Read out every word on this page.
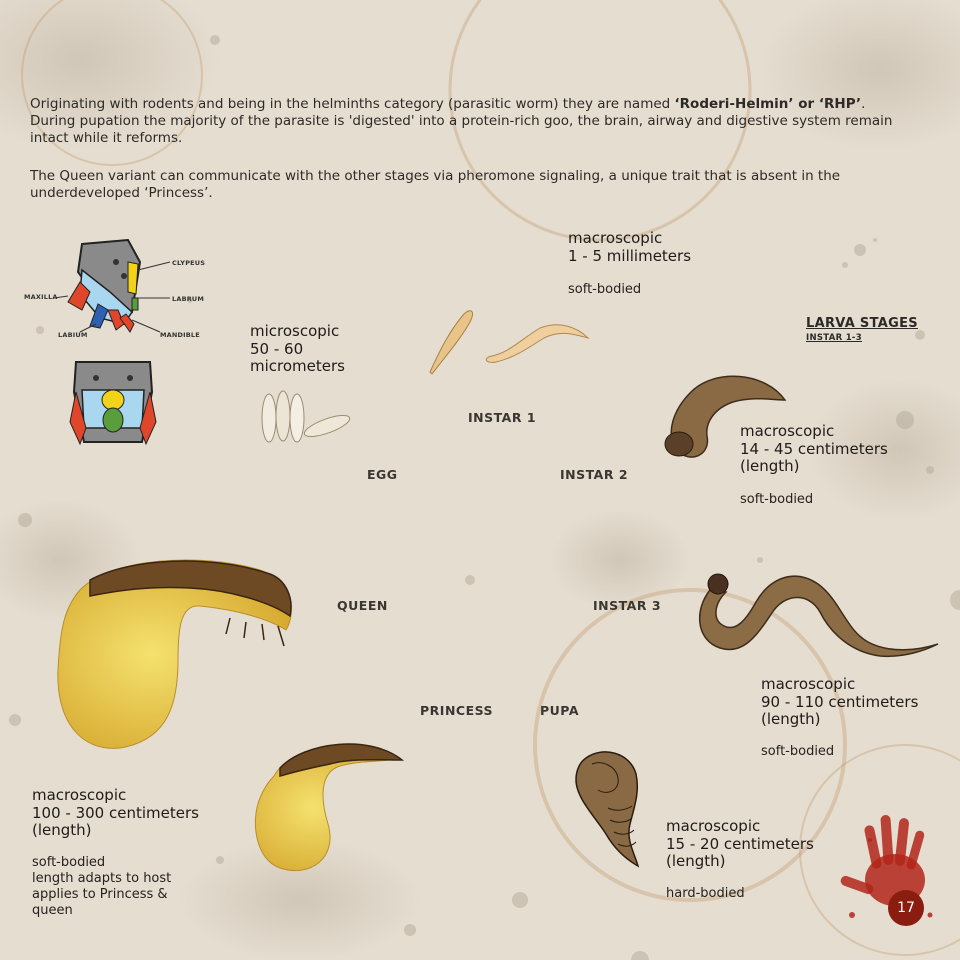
Originating with rodents and being in the helminths category (parasitic worm) they are named ‘Roderi-Helmin’ or ‘RHP’.
During pupation the majority of the parasite is 'digested' into a protein-rich goo, the brain, airway and digestive system remain intact while it reforms.

The Queen variant can communicate with the other stages via pheromone signaling, a unique trait that is absent in the underdeveloped ‘Princess’.

CLYPEUS
MAXILLA	LABRUM
LABIUM	MANDIBLE
LARVA STAGES
INSTAR 1-3
EGG
INSTAR 1
INSTAR 2
INSTAR 3
QUEEN
PRINCESS	PUPA
microscopic
50 - 60
micrometers
macroscopic
1 - 5 millimeters
soft-bodied
macroscopic
14 - 45 centimeters
(length)
soft-bodied
macroscopic
90 - 110 centimeters
(length)
soft-bodied
macroscopic
15 - 20 centimeters
(length)
hard-bodied
macroscopic
100 - 300 centimeters
(length)
soft-bodied
length adapts to host
applies to Princess &
queen	17
